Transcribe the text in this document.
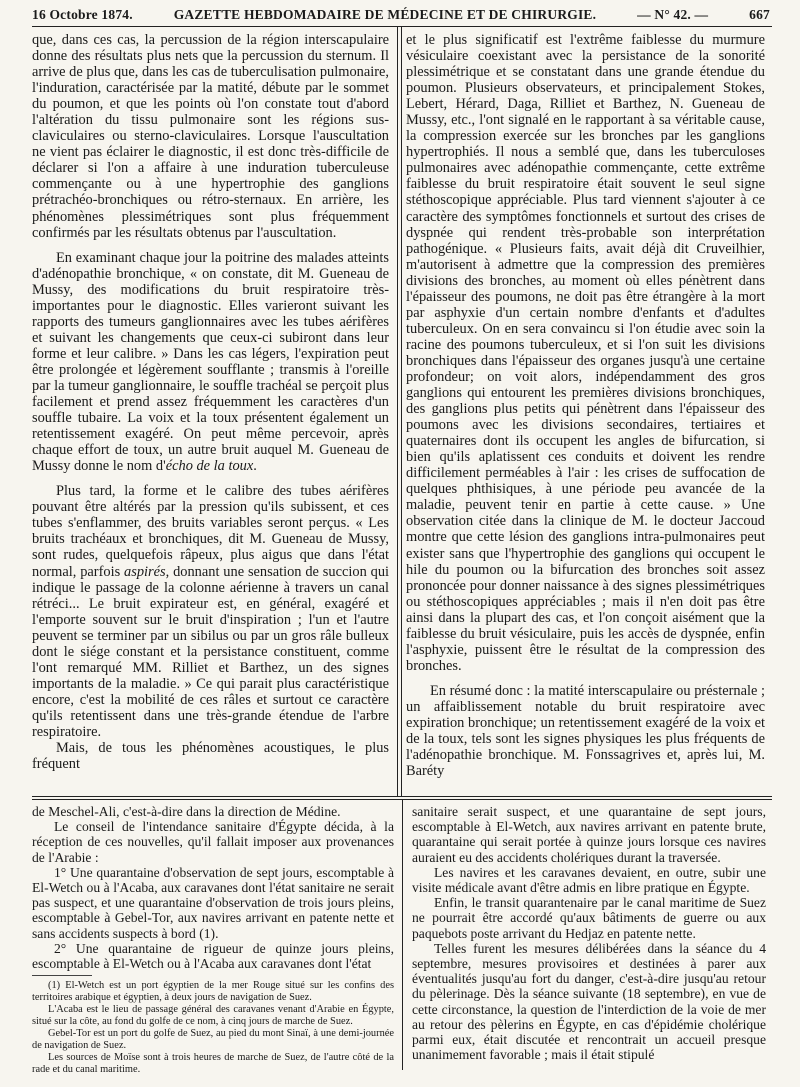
16 Octobre 1874.	GAZETTE HEBDOMADAIRE DE MÉDECINE ET DE CHIRURGIE.	— N° 42. —	667

que, dans ces cas, la percussion de la région interscapulaire donne des résultats plus nets que la percussion du sternum. Il arrive de plus que, dans les cas de tuberculisation pulmonaire, l'induration, caractérisée par la matité, débute par le sommet du poumon, et que les points où l'on constate tout d'abord l'altération du tissu pulmonaire sont les régions sus-claviculaires ou sterno-claviculaires. Lorsque l'auscultation ne vient pas éclairer le diagnostic, il est donc très-difficile de déclarer si l'on a affaire à une induration tuberculeuse commençante ou à une hypertrophie des ganglions prétrachéo-bronchiques ou rétro-sternaux. En arrière, les phénomènes plessimétriques sont plus fréquemment confirmés par les résultats obtenus par l'auscultation.

En examinant chaque jour la poitrine des malades atteints d'adénopathie bronchique, « on constate, dit M. Gueneau de Mussy, des modifications du bruit respiratoire très-importantes pour le diagnostic. Elles varieront suivant les rapports des tumeurs ganglionnaires avec les tubes aérifères et suivant les changements que ceux-ci subiront dans leur forme et leur calibre. » Dans les cas légers, l'expiration peut être prolongée et légèrement soufflante ; transmis à l'oreille par la tumeur ganglionnaire, le souffle trachéal se perçoit plus facilement et prend assez fréquemment les caractères d'un souffle tubaire. La voix et la toux présentent également un retentissement exagéré. On peut même percevoir, après chaque effort de toux, un autre bruit auquel M. Gueneau de Mussy donne le nom d'écho de la toux.

Plus tard, la forme et le calibre des tubes aérifères pouvant être altérés par la pression qu'ils subissent, et ces tubes s'enflammer, des bruits variables seront perçus. « Les bruits trachéaux et bronchiques, dit M. Gueneau de Mussy, sont rudes, quelquefois râpeux, plus aigus que dans l'état normal, parfois aspirés, donnant une sensation de succion qui indique le passage de la colonne aérienne à travers un canal rétréci... Le bruit expirateur est, en général, exagéré et l'emporte souvent sur le bruit d'inspiration ; l'un et l'autre peuvent se terminer par un sibilus ou par un gros râle bulleux dont le siége constant et la persistance constituent, comme l'ont remarqué MM. Rilliet et Barthez, un des signes importants de la maladie. » Ce qui parait plus caractéristique encore, c'est la mobilité de ces râles et surtout ce caractère qu'ils retentissent dans une très-grande étendue de l'arbre respiratoire.

Mais, de tous les phénomènes acoustiques, le plus fréquent

et le plus significatif est l'extrême faiblesse du murmure vésiculaire coexistant avec la persistance de la sonorité plessimétrique et se constatant dans une grande étendue du poumon. Plusieurs observateurs, et principalement Stokes, Lebert, Hérard, Daga, Rilliet et Barthez, N. Gueneau de Mussy, etc., l'ont signalé en le rapportant à sa véritable cause, la compression exercée sur les bronches par les ganglions hypertrophiés. Il nous a semblé que, dans les tuberculoses pulmonaires avec adénopathie commençante, cette extrême faiblesse du bruit respiratoire était souvent le seul signe stéthoscopique appréciable. Plus tard viennent s'ajouter à ce caractère des symptômes fonctionnels et surtout des crises de dyspnée qui rendent très-probable son interprétation pathogénique. « Plusieurs faits, avait déjà dit Cruveilhier, m'autorisent à admettre que la compression des premières divisions des bronches, au moment où elles pénètrent dans l'épaisseur des poumons, ne doit pas être étrangère à la mort par asphyxie d'un certain nombre d'enfants et d'adultes tuberculeux. On en sera convaincu si l'on étudie avec soin la racine des poumons tuberculeux, et si l'on suit les divisions bronchiques dans l'épaisseur des organes jusqu'à une certaine profondeur; on voit alors, indépendamment des gros ganglions qui entourent les premières divisions bronchiques, des ganglions plus petits qui pénètrent dans l'épaisseur des poumons avec les divisions secondaires, tertiaires et quaternaires dont ils occupent les angles de bifurcation, si bien qu'ils aplatissent ces conduits et doivent les rendre difficilement perméables à l'air : les crises de suffocation de quelques phthisiques, à une période peu avancée de la maladie, peuvent tenir en partie à cette cause. » Une observation citée dans la clinique de M. le docteur Jaccoud montre que cette lésion des ganglions intra-pulmonaires peut exister sans que l'hypertrophie des ganglions qui occupent le hile du poumon ou la bifurcation des bronches soit assez prononcée pour donner naissance à des signes plessimétriques ou stéthoscopiques appréciables ; mais il n'en doit pas être ainsi dans la plupart des cas, et l'on conçoit aisément que la faiblesse du bruit vésiculaire, puis les accès de dyspnée, enfin l'asphyxie, puissent être le résultat de la compression des bronches.

En résumé donc : la matité interscapulaire ou présternale ; un affaiblissement notable du bruit respiratoire avec expiration bronchique; un retentissement exagéré de la voix et de la toux, tels sont les signes physiques les plus fréquents de l'adénopathie bronchique. M. Fonssagrives et, après lui, M. Baréty

de Meschel-Ali, c'est-à-dire dans la direction de Médine.

Le conseil de l'intendance sanitaire d'Égypte décida, à la réception de ces nouvelles, qu'il fallait imposer aux provenances de l'Arabie :

1° Une quarantaine d'observation de sept jours, escomptable à El-Wetch ou à l'Acaba, aux caravanes dont l'état sanitaire ne serait pas suspect, et une quarantaine d'observation de trois jours pleins, escomptable à Gebel-Tor, aux navires arrivant en patente nette et sans accidents suspects à bord (1).

2° Une quarantaine de rigueur de quinze jours pleins, escomptable à El-Wetch ou à l'Acaba aux caravanes dont l'état

(1) El-Wetch est un port égyptien de la mer Rouge situé sur les confins des territoires arabique et égyptien, à deux jours de navigation de Suez.

L'Acaba est le lieu de passage général des caravanes venant d'Arabie en Égypte, situé sur la côte, au fond du golfe de ce nom, à cinq jours de marche de Suez.

Gebel-Tor est un port du golfe de Suez, au pied du mont Sinaï, à une demi-journée de navigation de Suez.

Les sources de Moïse sont à trois heures de marche de Suez, de l'autre côté de la rade et du canal maritime.

sanitaire serait suspect, et une quarantaine de sept jours, escomptable à El-Wetch, aux navires arrivant en patente brute, quarantaine qui serait portée à quinze jours lorsque ces navires auraient eu des accidents cholériques durant la traversée.

Les navires et les caravanes devaient, en outre, subir une visite médicale avant d'être admis en libre pratique en Égypte.

Enfin, le transit quarantenaire par le canal maritime de Suez ne pourrait être accordé qu'aux bâtiments de guerre ou aux paquebots poste arrivant du Hedjaz en patente nette.

Telles furent les mesures délibérées dans la séance du 4 septembre, mesures provisoires et destinées à parer aux éventualités jusqu'au fort du danger, c'est-à-dire jusqu'au retour du pèlerinage. Dès la séance suivante (18 septembre), en vue de cette circonstance, la question de l'interdiction de la voie de mer au retour des pèlerins en Égypte, en cas d'épidémie cholérique parmi eux, était discutée et rencontrait un accueil presque unanimement favorable ; mais il était stipulé
